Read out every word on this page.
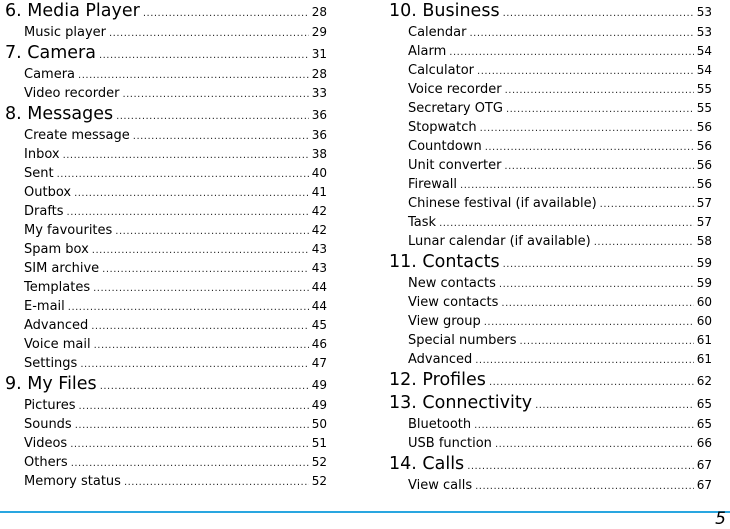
6. Media Player .....	28
Music player .....	29
7. Camera .....	31
Camera .....	28
Video recorder .....	33
8. Messages .....	36
Create message .....	36
Inbox .....	38
Sent .....	40
Outbox .....	41
Drafts .....	42
My favourites .....	42
Spam box .....	43
SIM archive .....	43
Templates .....	44
E-mail .....	44
Advanced .....	45
Voice mail .....	46
Settings .....	47
9. My Files .....	49
Pictures .....	49
Sounds .....	50
Videos .....	51
Others .....	52
Memory status .....	52
10. Business .....	53
Calendar .....	53
Alarm .....	54
Calculator .....	54
Voice recorder .....	55
Secretary OTG .....	55
Stopwatch .....	56
Countdown .....	56
Unit converter .....	56
Firewall .....	56
Chinese festival (if available) .....	57
Task .....	57
Lunar calendar (if available) .....	58
11. Contacts .....	59
New contacts .....	59
View contacts .....	60
View group .....	60
Special numbers .....	61
Advanced .....	61
12. Profiles .....	62
13. Connectivity .....	65
Bluetooth .....	65
USB function .....	66
14. Calls .....	67
View calls .....	67
5
